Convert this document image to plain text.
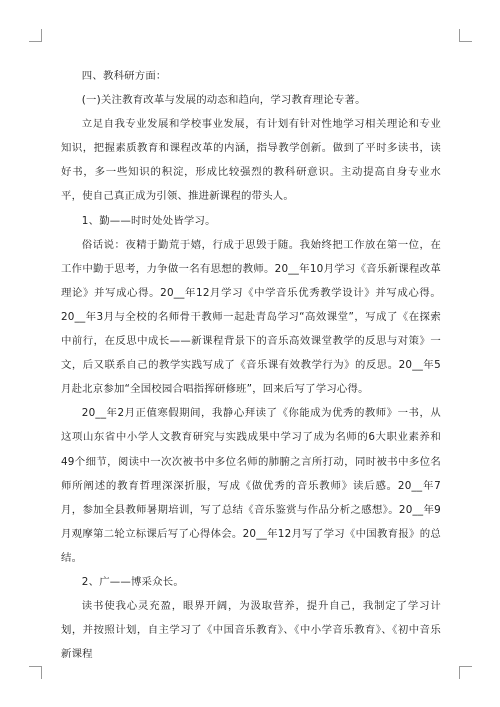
四、教科研方面：

(一)关注教育改革与发展的动态和趋向，学习教育理论专著。

立足自我专业发展和学校事业发展，有计划有针对性地学习相关理论和专业知识，把握素质教育和课程改革的内涵，指导教学创新。做到了平时多读书，读好书，多一些知识的积淀，形成比较强烈的教科研意识。主动提高自身专业水平，使自己真正成为引领、推进新课程的带头人。

1、勤——时时处处皆学习。

俗话说：夜精于勤荒于嬉，行成于思毁于随。我始终把工作放在第一位，在工作中勤于思考，力争做一名有思想的教师。20__年10月学习《音乐新课程改革理论》并写成心得。20__年12月学习《中学音乐优秀教学设计》并写成心得。20__年3月与全校的名师骨干教师一起赴青岛学习“高效课堂”，写成了《在探索中前行，在反思中成长——新课程背景下的音乐高效课堂教学的反思与对策》一文，后又联系自己的教学实践写成了《音乐课有效教学行为》的反思。20__年5月赴北京参加“全国校园合唱指挥研修班”，回来后写了学习心得。

20__年2月正值寒假期间，我静心拜读了《你能成为优秀的教师》一书，从这项山东省中小学人文教育研究与实践成果中学习了成为名师的6大职业素养和49个细节，阅读中一次次被书中多位名师的肺腑之言所打动，同时被书中多位名师所阐述的教育哲理深深折服，写成《做优秀的音乐教师》读后感。20__年7月，参加全县教师暑期培训，写了总结《音乐鉴赏与作品分析之感想》。20__年9月观摩第二轮立标课后写了心得体会。20__年12月写了学习《中国教育报》的总结。

2、广——博采众长。

读书使我心灵充盈，眼界开阔，为汲取营养，提升自己，我制定了学习计划，并按照计划，自主学习了《中国音乐教育》、《中小学音乐教育》、《初中音乐新课程
